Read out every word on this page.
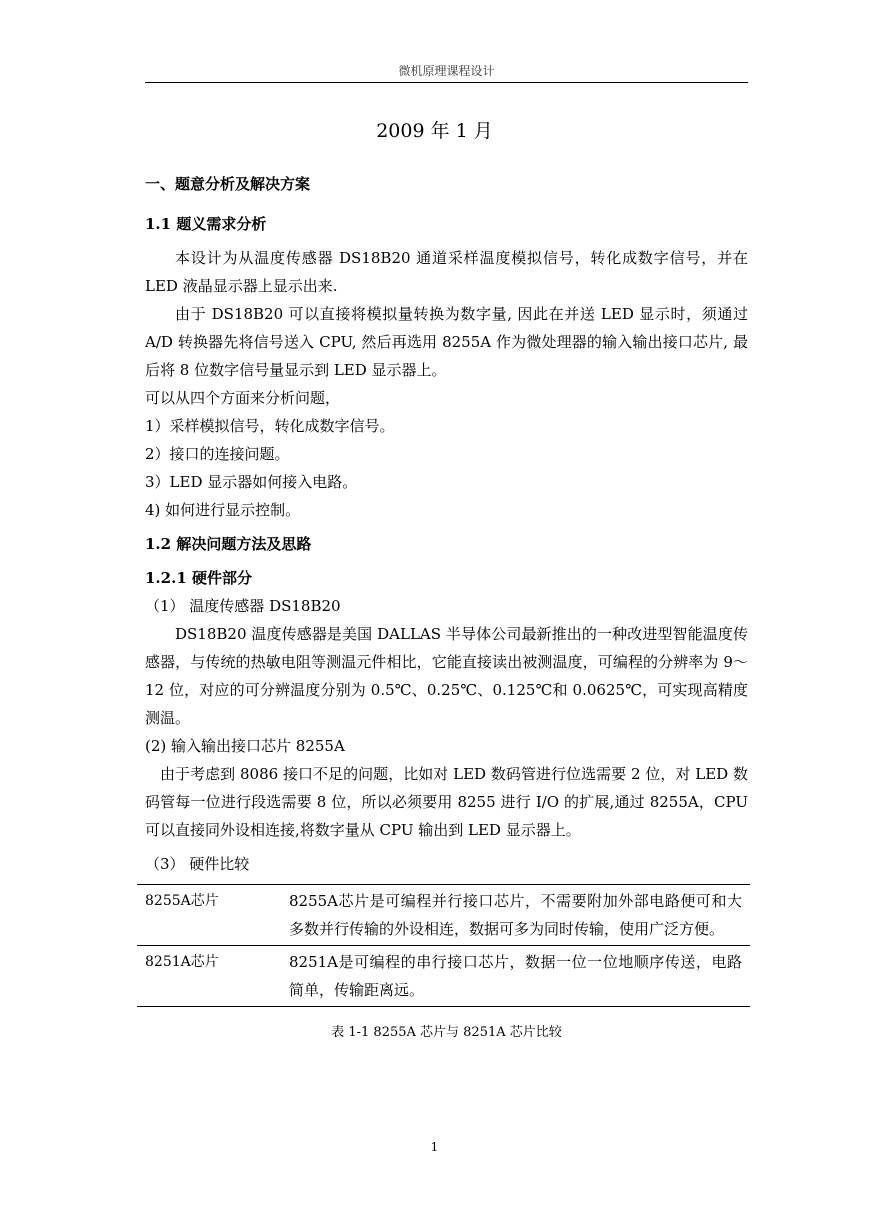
微机原理课程设计
2009 年 1 月
一、题意分析及解决方案
1.1 题义需求分析

本设计为从温度传感器 DS18B20 通道采样温度模拟信号，转化成数字信号，并在 LED 液晶显示器上显示出来.

由于 DS18B20 可以直接将模拟量转换为数字量, 因此在并送 LED 显示时，须通过 A/D 转换器先将信号送入 CPU, 然后再选用 8255A 作为微处理器的输入输出接口芯片, 最后将 8 位数字信号量显示到 LED 显示器上。

可以从四个方面来分析问题，

1）采样模拟信号，转化成数字信号。

2）接口的连接问题。

3）LED 显示器如何接入电路。

4) 如何进行显示控制。

1.2 解决问题方法及思路
1.2.1 硬件部分

（1） 温度传感器 DS18B20

DS18B20 温度传感器是美国 DALLAS 半导体公司最新推出的一种改进型智能温度传感器，与传统的热敏电阻等测温元件相比，它能直接读出被测温度，可编程的分辨率为 9～12 位，对应的可分辨温度分别为 0.5℃、0.25℃、0.125℃和 0.0625℃，可实现高精度测温。

(2) 输入输出接口芯片 8255A

由于考虑到 8086 接口不足的问题，比如对 LED 数码管进行位选需要 2 位，对 LED 数码管每一位进行段选需要 8 位，所以必须要用 8255 进行 I/O 的扩展,通过 8255A，CPU 可以直接同外设相连接,将数字量从 CPU 输出到 LED 显示器上。

（3） 硬件比较

8255A芯片	8255A芯片是可编程并行接口芯片，不需要附加外部电路便可和大多数并行传输的外设相连，数据可多为同时传输，使用广泛方便。
8251A芯片	8251A是可编程的串行接口芯片，数据一位一位地顺序传送，电路简单，传输距离远。
表 1-1 8255A 芯片与 8251A 芯片比较
1
